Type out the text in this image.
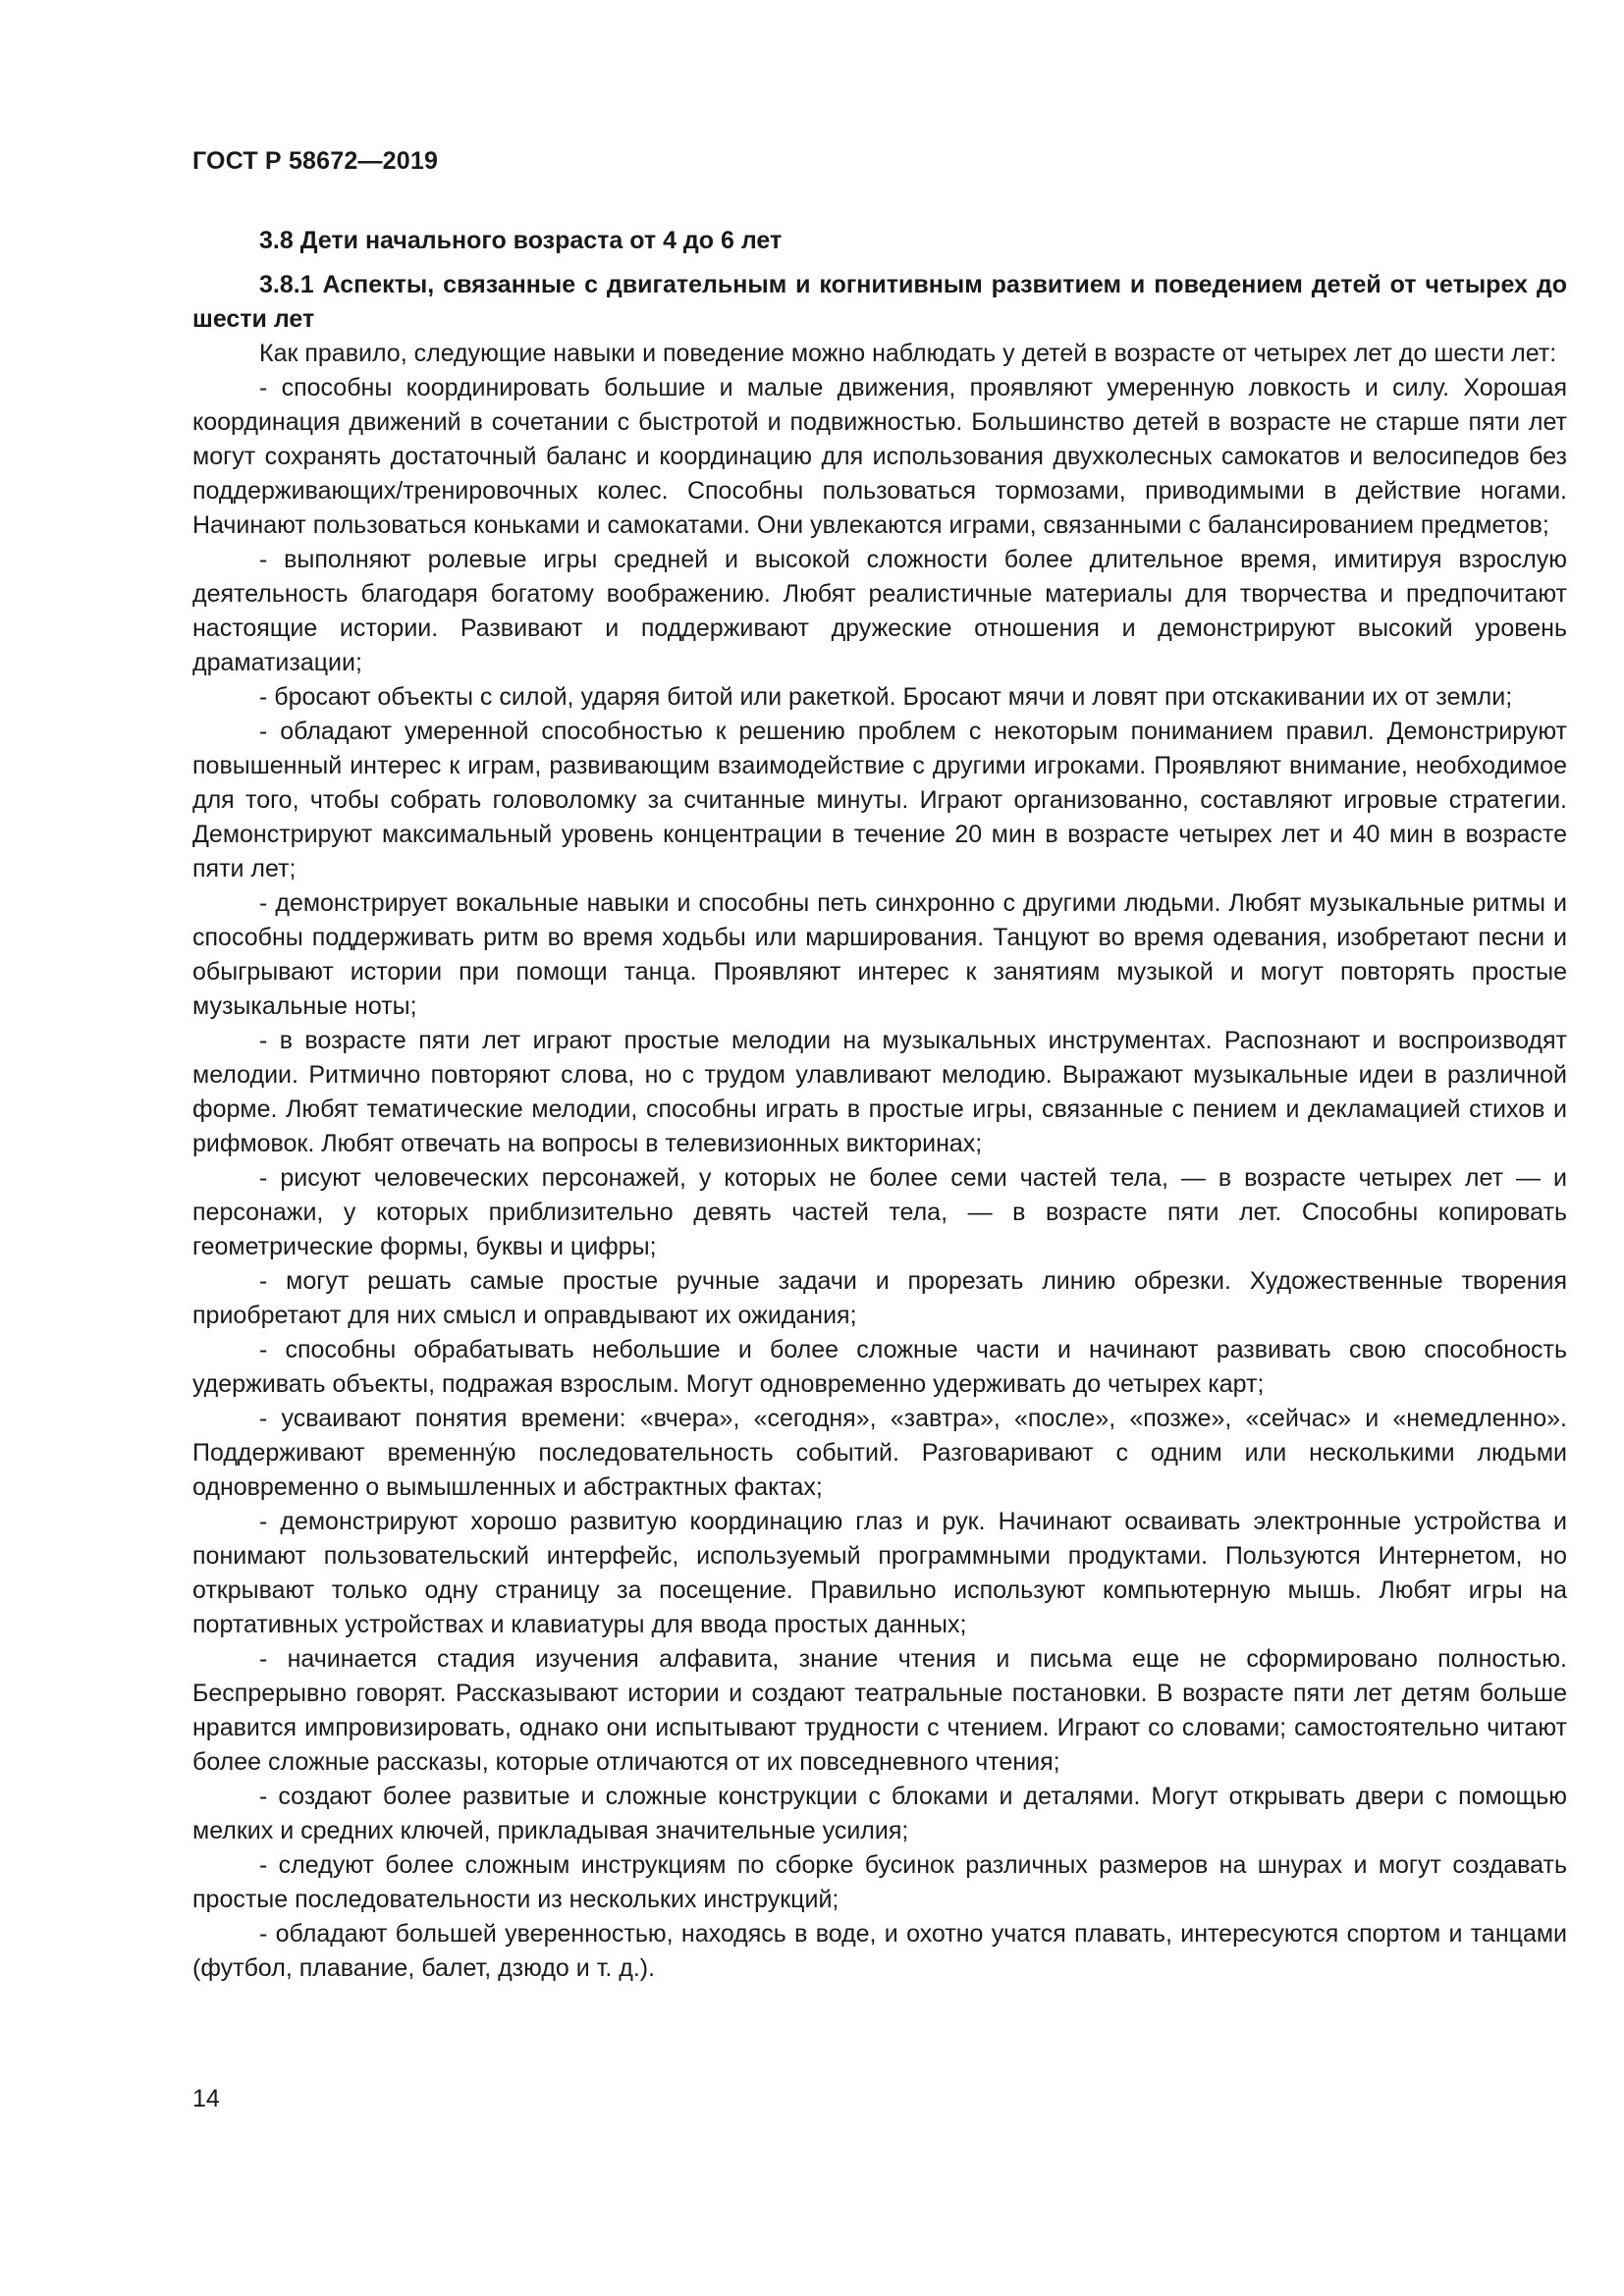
ГОСТ Р 58672—2019
3.8 Дети начального возраста от 4 до 6 лет

3.8.1 Аспекты, связанные с двигательным и когнитивным развитием и поведением детей от четырех до шести лет

Как правило, следующие навыки и поведение можно наблюдать у детей в возрасте от четырех лет до шести лет:

- способны координировать большие и малые движения, проявляют умеренную ловкость и силу. Хорошая координация движений в сочетании с быстротой и подвижностью. Большинство детей в возрасте не старше пяти лет могут сохранять достаточный баланс и координацию для использования двухколесных самокатов и велосипедов без поддерживающих/тренировочных колес. Способны пользоваться тормозами, приводимыми в действие ногами. Начинают пользоваться коньками и самокатами. Они увлекаются играми, связанными с балансированием предметов;

- выполняют ролевые игры средней и высокой сложности более длительное время, имитируя взрослую деятельность благодаря богатому воображению. Любят реалистичные материалы для творчества и предпочитают настоящие истории. Развивают и поддерживают дружеские отношения и демонстрируют высокий уровень драматизации;

- бросают объекты с силой, ударяя битой или ракеткой. Бросают мячи и ловят при отскакивании их от земли;

- обладают умеренной способностью к решению проблем с некоторым пониманием правил. Демонстрируют повышенный интерес к играм, развивающим взаимодействие с другими игроками. Проявляют внимание, необходимое для того, чтобы собрать головоломку за считанные минуты. Играют организованно, составляют игровые стратегии. Демонстрируют максимальный уровень концентрации в течение 20 мин в возрасте четырех лет и 40 мин в возрасте пяти лет;

- демонстрирует вокальные навыки и способны петь синхронно с другими людьми. Любят музыкальные ритмы и способны поддерживать ритм во время ходьбы или марширования. Танцуют во время одевания, изобретают песни и обыгрывают истории при помощи танца. Проявляют интерес к занятиям музыкой и могут повторять простые музыкальные ноты;

- в возрасте пяти лет играют простые мелодии на музыкальных инструментах. Распознают и воспроизводят мелодии. Ритмично повторяют слова, но с трудом улавливают мелодию. Выражают музыкальные идеи в различной форме. Любят тематические мелодии, способны играть в простые игры, связанные с пением и декламацией стихов и рифмовок. Любят отвечать на вопросы в телевизионных викторинах;

- рисуют человеческих персонажей, у которых не более семи частей тела, — в возрасте четырех лет — и персонажи, у которых приблизительно девять частей тела, — в возрасте пяти лет. Способны копировать геометрические формы, буквы и цифры;

- могут решать самые простые ручные задачи и прорезать линию обрезки. Художественные творения приобретают для них смысл и оправдывают их ожидания;

- способны обрабатывать небольшие и более сложные части и начинают развивать свою способность удерживать объекты, подражая взрослым. Могут одновременно удерживать до четырех карт;

- усваивают понятия времени: «вчера», «сегодня», «завтра», «после», «позже», «сейчас» и «немедленно». Поддерживают временну́ю последовательность событий. Разговаривают с одним или несколькими людьми одновременно о вымышленных и абстрактных фактах;

- демонстрируют хорошо развитую координацию глаз и рук. Начинают осваивать электронные устройства и понимают пользовательский интерфейс, используемый программными продуктами. Пользуются Интернетом, но открывают только одну страницу за посещение. Правильно используют компьютерную мышь. Любят игры на портативных устройствах и клавиатуры для ввода простых данных;

- начинается стадия изучения алфавита, знание чтения и письма еще не сформировано полностью. Беспрерывно говорят. Рассказывают истории и создают театральные постановки. В возрасте пяти лет детям больше нравится импровизировать, однако они испытывают трудности с чтением. Играют со словами; самостоятельно читают более сложные рассказы, которые отличаются от их повседневного чтения;

- создают более развитые и сложные конструкции с блоками и деталями. Могут открывать двери с помощью мелких и средних ключей, прикладывая значительные усилия;

- следуют более сложным инструкциям по сборке бусинок различных размеров на шнурах и могут создавать простые последовательности из нескольких инструкций;

- обладают большей уверенностью, находясь в воде, и охотно учатся плавать, интересуются спортом и танцами (футбол, плавание, балет, дзюдо и т. д.).

14
